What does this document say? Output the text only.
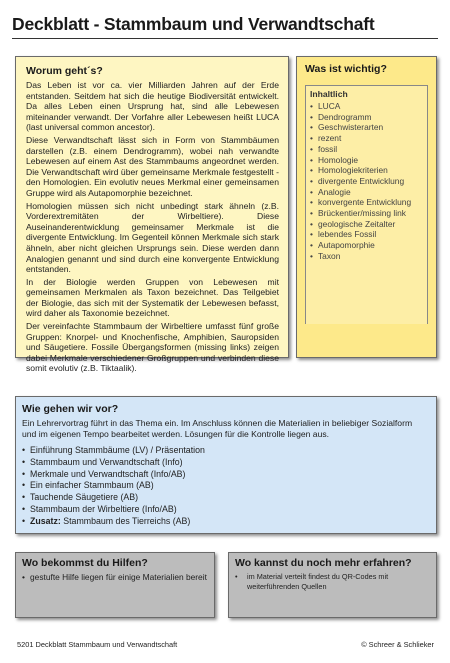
Deckblatt - Stammbaum und Verwandtschaft
Worum geht´s?

Das Leben ist vor ca. vier Milliarden Jahren auf der Erde entstanden. Seitdem hat sich die heutige Biodiversität entwickelt. Da alles Leben einen Ursprung hat, sind alle Lebewesen miteinander verwandt. Der Vorfahre aller Lebewesen heißt LUCA (last universal common ancestor).

Diese Verwandtschaft lässt sich in Form von Stammbäumen darstellen (z.B. einem Dendrogramm), wobei nah verwandte Lebewesen auf einem Ast des Stammbaums angeordnet werden. Die Verwandtschaft wird über gemeinsame Merkmale festgestellt - den Homologien. Ein evolutiv neues Merkmal einer gemeinsamen Gruppe wird als Autapomorphie bezeichnet.

Homologien müssen sich nicht unbedingt stark ähneln (z.B. Vorderextremitäten der Wirbeltiere). Diese Auseinanderentwicklung gemeinsamer Merkmale ist die divergente Entwicklung. Im Gegenteil können Merkmale sich stark ähneln, aber nicht gleichen Ursprungs sein. Diese werden dann Analogien genannt und sind durch eine konvergente Entwicklung entstanden.

In der Biologie werden Gruppen von Lebewesen mit gemeinsamen Merkmalen als Taxon bezeichnet. Das Teilgebiet der Biologie, das sich mit der Systematik der Lebewesen befasst, wird daher als Taxonomie bezeichnet.

Der vereinfachte Stammbaum der Wirbeltiere umfasst fünf große Gruppen: Knorpel- und Knochenfische, Amphibien, Sauropsiden und Säugetiere. Fossile Übergangsformen (missing links) zeigen dabei Merkmale verschiedener Großgruppen und verbinden diese somit evolutiv (z.B. Tiktaalik).

Was ist wichtig?
Inhaltlich
• LUCA
• Dendrogramm
• Geschwisterarten
• rezent
• fossil
• Homologie
• Homologiekriterien
• divergente Entwicklung
• Analogie
• konvergente Entwicklung
• Brückentier/missing link
• geologische Zeitalter
• lebendes Fossil
• Autapomorphie
• Taxon
Wie gehen wir vor?

Ein Lehrervortrag führt in das Thema ein. Im Anschluss können die Materialien in beliebiger Sozialform und im eigenen Tempo bearbeitet werden. Lösungen für die Kontrolle liegen aus.

• Einführung Stammbäume (LV) / Präsentation
• Stammbaum und Verwandtschaft (Info)
• Merkmale und Verwandtschaft (Info/AB)
• Ein einfacher Stammbaum (AB)
• Tauchende Säugetiere (AB)
• Stammbaum der Wirbeltiere (Info/AB)
• Zusatz: Stammbaum des Tierreichs (AB)
Wo bekommst du Hilfen?
• gestufte Hilfe liegen für einige Materialien bereit
Wo kannst du noch mehr erfahren?
• im Material verteilt findest du QR-Codes mit weiterführenden Quellen
5201 Deckblatt Stammbaum und Verwandtschaft	© Schreer & Schlieker
